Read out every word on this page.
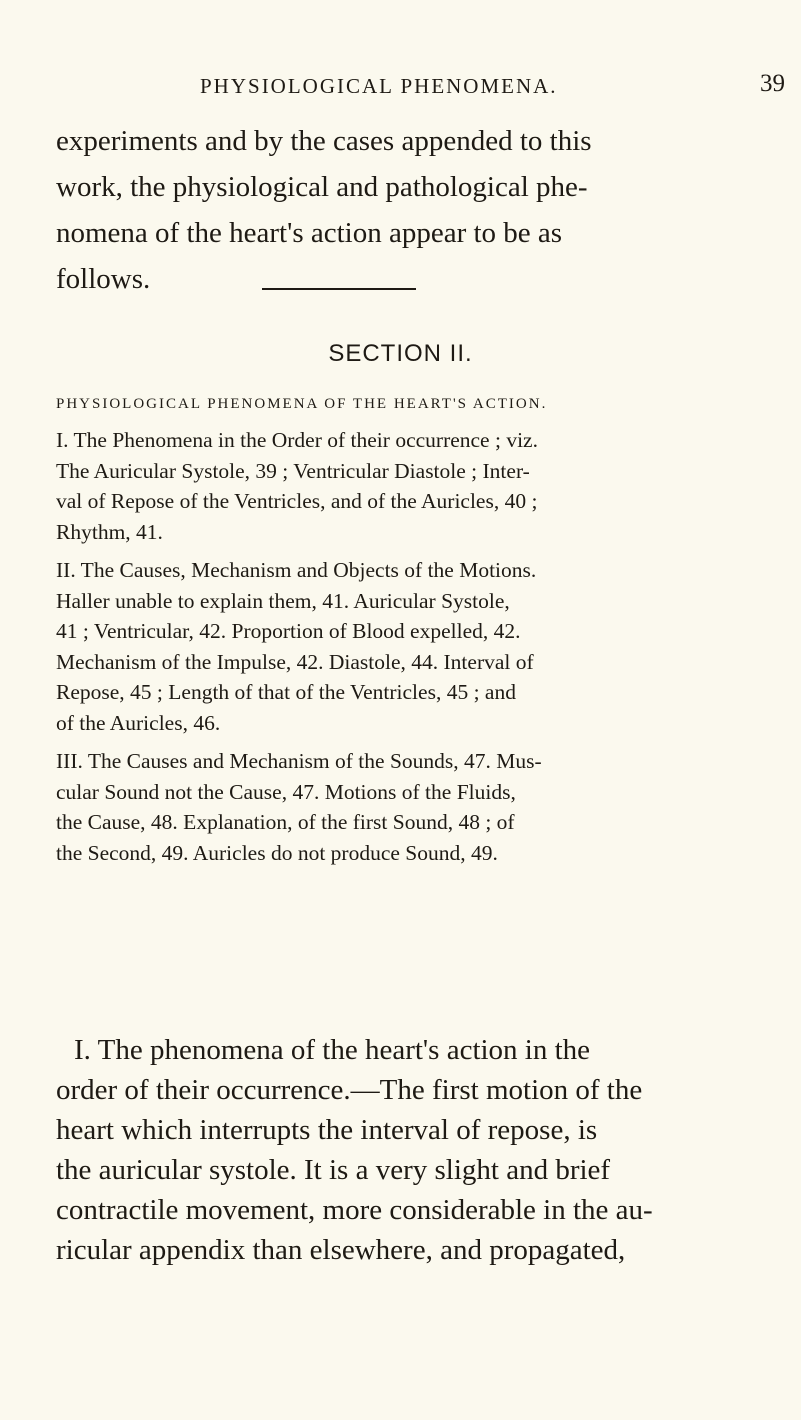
PHYSIOLOGICAL PHENOMENA.	39
experiments and by the cases appended to this
work, the physiological and pathological phe-
nomena of the heart's action appear to be as
follows.
SECTION II.
PHYSIOLOGICAL PHENOMENA OF THE HEART'S ACTION.
I. The Phenomena in the Order of their occurrence ; viz.
The Auricular Systole, 39 ; Ventricular Diastole ; Inter-
val of Repose of the Ventricles, and of the Auricles, 40 ;
Rhythm, 41.
II. The Causes, Mechanism and Objects of the Motions.
Haller unable to explain them, 41. Auricular Systole,
41 ; Ventricular, 42. Proportion of Blood expelled, 42.
Mechanism of the Impulse, 42. Diastole, 44. Interval of
Repose, 45 ; Length of that of the Ventricles, 45 ; and
of the Auricles, 46.
III. The Causes and Mechanism of the Sounds, 47. Mus-
cular Sound not the Cause, 47. Motions of the Fluids,
the Cause, 48. Explanation, of the first Sound, 48 ; of
the Second, 49. Auricles do not produce Sound, 49.
I. The phenomena of the heart's action in the
order of their occurrence.—The first motion of the
heart which interrupts the interval of repose, is
the auricular systole. It is a very slight and brief
contractile movement, more considerable in the au-
ricular appendix than elsewhere, and propagated,
